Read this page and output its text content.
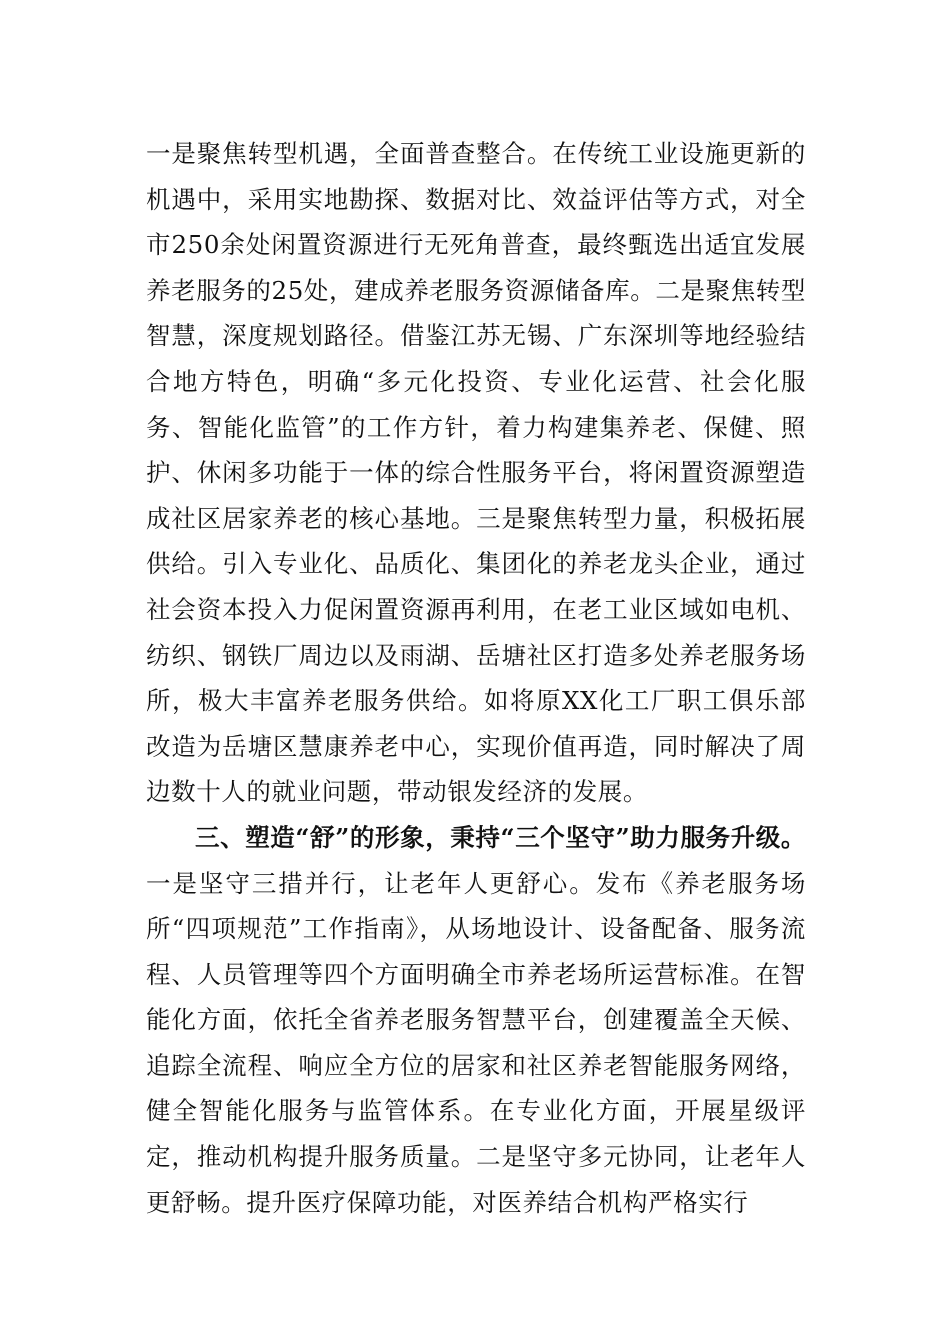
一是聚焦转型机遇，全面普查整合。在传统工业设施更新的机遇中，采用实地勘探、数据对比、效益评估等方式，对全市250余处闲置资源进行无死角普查，最终甄选出适宜发展养老服务的25处，建成养老服务资源储备库。二是聚焦转型智慧，深度规划路径。借鉴江苏无锡、广东深圳等地经验结合地方特色，明确“多元化投资、专业化运营、社会化服务、智能化监管”的工作方针，着力构建集养老、保健、照护、休闲多功能于一体的综合性服务平台，将闲置资源塑造成社区居家养老的核心基地。三是聚焦转型力量，积极拓展供给。引入专业化、品质化、集团化的养老龙头企业，通过社会资本投入力促闲置资源再利用，在老工业区域如电机、纺织、钢铁厂周边以及雨湖、岳塘社区打造多处养老服务场所，极大丰富养老服务供给。如将原XX化工厂职工俱乐部改造为岳塘区慧康养老中心，实现价值再造，同时解决了周边数十人的就业问题，带动银发经济的发展。

三、塑造“舒”的形象，秉持“三个坚守”助力服务升级。一是坚守三措并行，让老年人更舒心。发布《养老服务场所“四项规范”工作指南》，从场地设计、设备配备、服务流程、人员管理等四个方面明确全市养老场所运营标准。在智能化方面，依托全省养老服务智慧平台，创建覆盖全天候、追踪全流程、响应全方位的居家和社区养老智能服务网络，健全智能化服务与监管体系。在专业化方面，开展星级评定，推动机构提升服务质量。二是坚守多元协同，让老年人更舒畅。提升医疗保障功能，对医养结合机构严格实行
